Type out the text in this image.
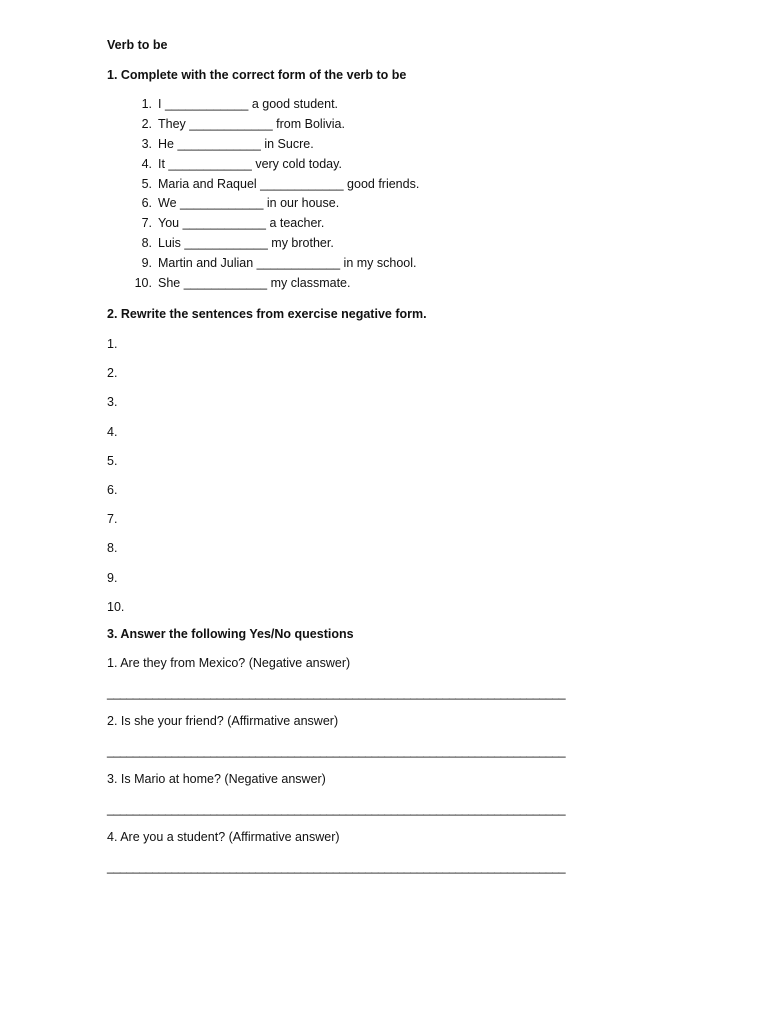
Verb to be
1. Complete with the correct form of the verb to be
1. I ____________ a good student.
2. They ____________ from Bolivia.
3. He ____________ in Sucre.
4. It ____________ very cold today.
5. Maria and Raquel ____________ good friends.
6. We ____________ in our house.
7. You ____________ a teacher.
8. Luis ____________ my brother.
9. Martin and Julian ____________ in my school.
10. She ____________ my classmate.
2. Rewrite the sentences from exercise negative form.
1.
2.
3.
4.
5.
6.
7.
8.
9.
10.
3. Answer the following Yes/No questions
1. Are they from Mexico? (Negative answer)
_______________________________________________________________________
2. Is she your friend? (Affirmative answer)
_______________________________________________________________________
3. Is Mario at home? (Negative answer)
_______________________________________________________________________
4. Are you a student? (Affirmative answer)
_______________________________________________________________________
